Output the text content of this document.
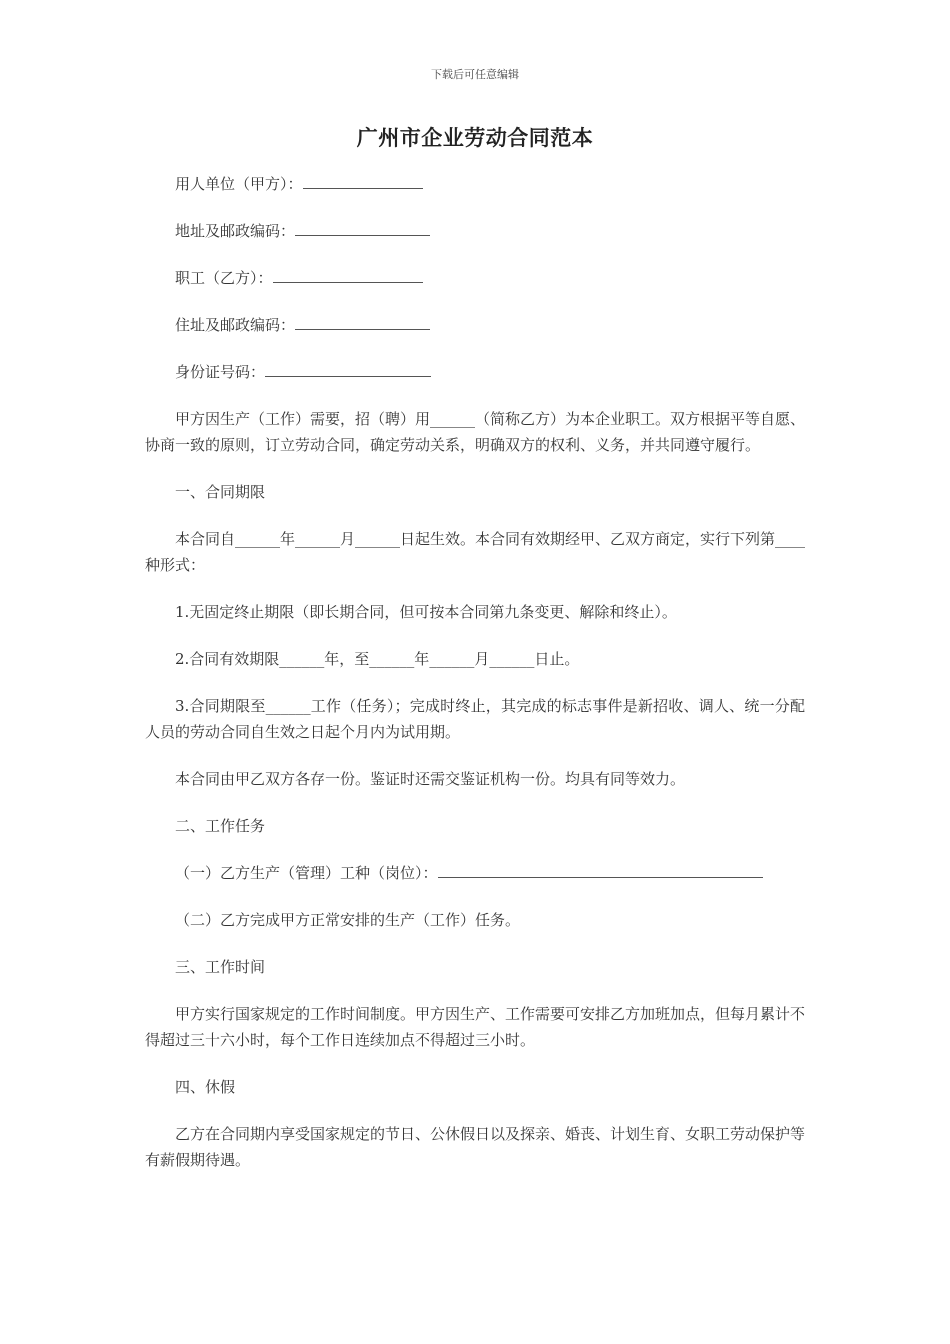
下载后可任意编辑
广州市企业劳动合同范本
用人单位（甲方）：
地址及邮政编码：
职工（乙方）：
住址及邮政编码：
身份证号码：

甲方因生产（工作）需要，招（聘）用______（简称乙方）为本企业职工。双方根据平等自愿、协商一致的原则，订立劳动合同，确定劳动关系，明确双方的权利、义务，并共同遵守履行。

一、合同期限

本合同自______年______月______日起生效。本合同有效期经甲、乙双方商定，实行下列第____种形式：

1.无固定终止期限（即长期合同，但可按本合同第九条变更、解除和终止）。

2.合同有效期限______年，至______年______月______日止。

3.合同期限至______工作（任务）；完成时终止，其完成的标志事件是新招收、调人、统一分配人员的劳动合同自生效之日起个月内为试用期。

本合同由甲乙双方各存一份。鉴证时还需交鉴证机构一份。均具有同等效力。

二、工作任务

（一）乙方生产（管理）工种（岗位）：

（二）乙方完成甲方正常安排的生产（工作）任务。

三、工作时间

甲方实行国家规定的工作时间制度。甲方因生产、工作需要可安排乙方加班加点，但每月累计不得超过三十六小时，每个工作日连续加点不得超过三小时。

四、休假

乙方在合同期内享受国家规定的节日、公休假日以及探亲、婚丧、计划生育、女职工劳动保护等有薪假期待遇。
